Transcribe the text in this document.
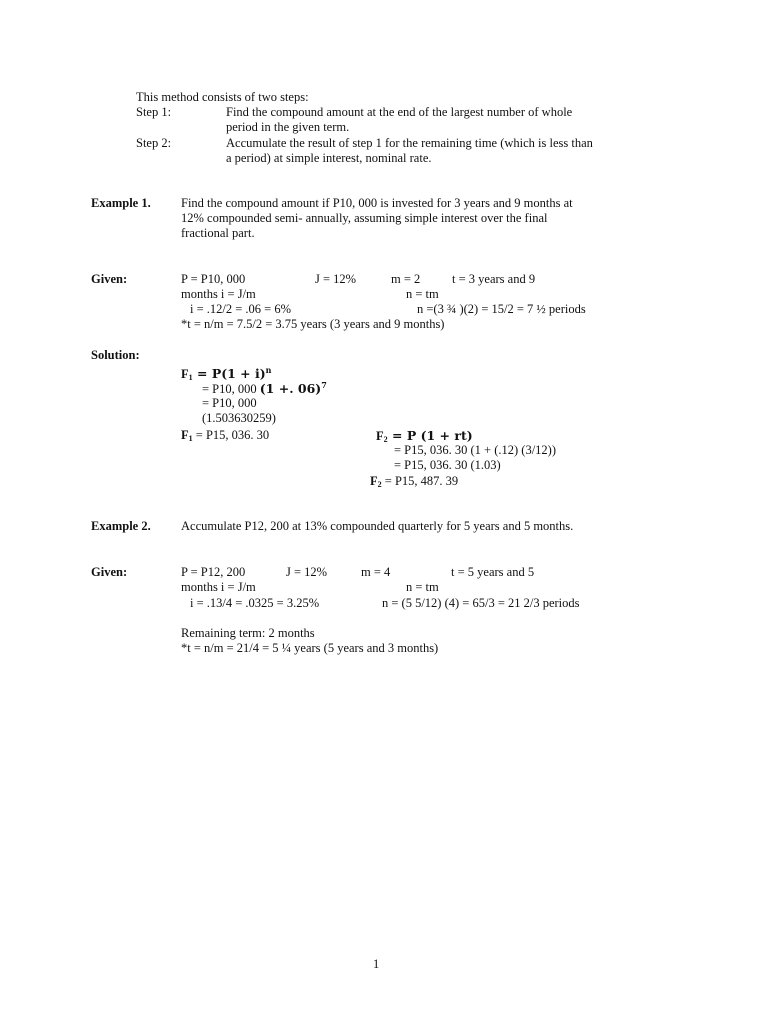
This method consists of two steps:
Step 1:	Find the compound amount at the end of the largest number of whole
period in the given term.
Step 2:	Accumulate the result of step 1 for the remaining time (which is less than
a period) at simple interest, nominal rate.
Example 1. Find the compound amount if P10, 000 is invested for 3 years and 9 months at
12% compounded semi- annually, assuming simple interest over the final
fractional part.
Given:	P = P10, 000	J = 12%	m = 2	t = 3 years and 9
months i = J/m	n = tm
i = .12/2 = .06 = 6%	n =(3 ¾ )(2) = 15/2 = 7 ½ periods
*t = n/m = 7.5/2 = 3.75 years (3 years and 9 months)
Solution:
$F_1 = P(1 + i)^n$
= P10, 000 (1 +. 06)$^7$
= P10, 000
(1.503630259)
$F_1 = P15$, 036. 30	$F_2 = P$ (1 + rt)
= P15, 036. 30 (1 + (.12) (3/12))
= P15, 036. 30 (1.03)
$F_2 = P15$, 487. 39
Example 2. Accumulate P12, 200 at 13% compounded quarterly for 5 years and 5 months.
Given:	P = P12, 200	J = 12%	m = 4	t = 5 years and 5
months i = J/m	n = tm
i = .13/4 = .0325 = 3.25%	n = (5 5/12) (4) = 65/3 = 21 2/3 periods
Remaining term: 2 months
*t = n/m = 21/4 = 5 ¼ years (5 years and 3 months)
1
